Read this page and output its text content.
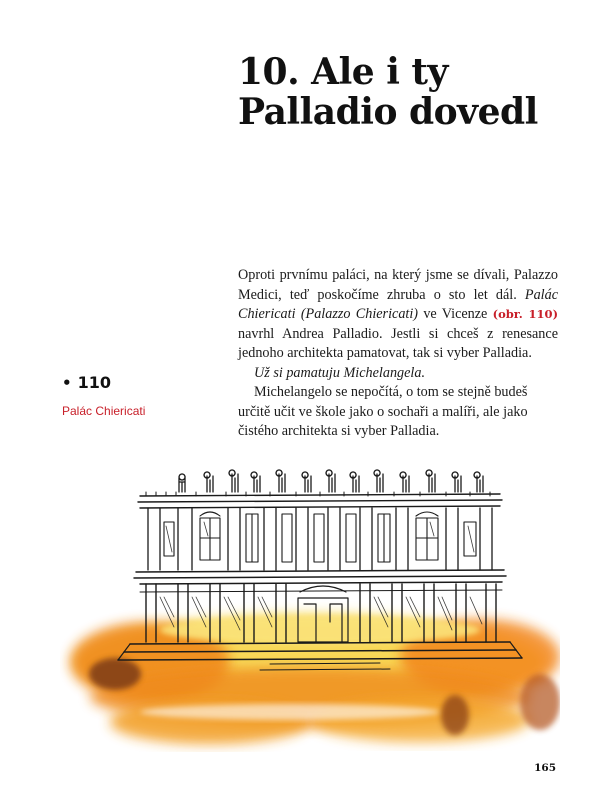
10. Ale i ty
Palladio dovedl

Oproti prvnímu paláci, na který jsme se dívali, Palazzo Medici, teď poskočíme zhruba o sto let dál. Palác Chiericati (Palazzo Chiericati) ve Vicenze (obr. 110) navrhl Andrea Palladio. Jestli si chceš z renesance jednoho architekta pamatovat, tak si vyber Palladia.

Už si pamatuju Michelangela.

Michelangelo se nepočítá, o tom se stejně budeš určitě učit ve škole jako o sochaři a malíři, ale jako čistého architekta si vyber Palladia.

• 110
Palác Chiericati
165
